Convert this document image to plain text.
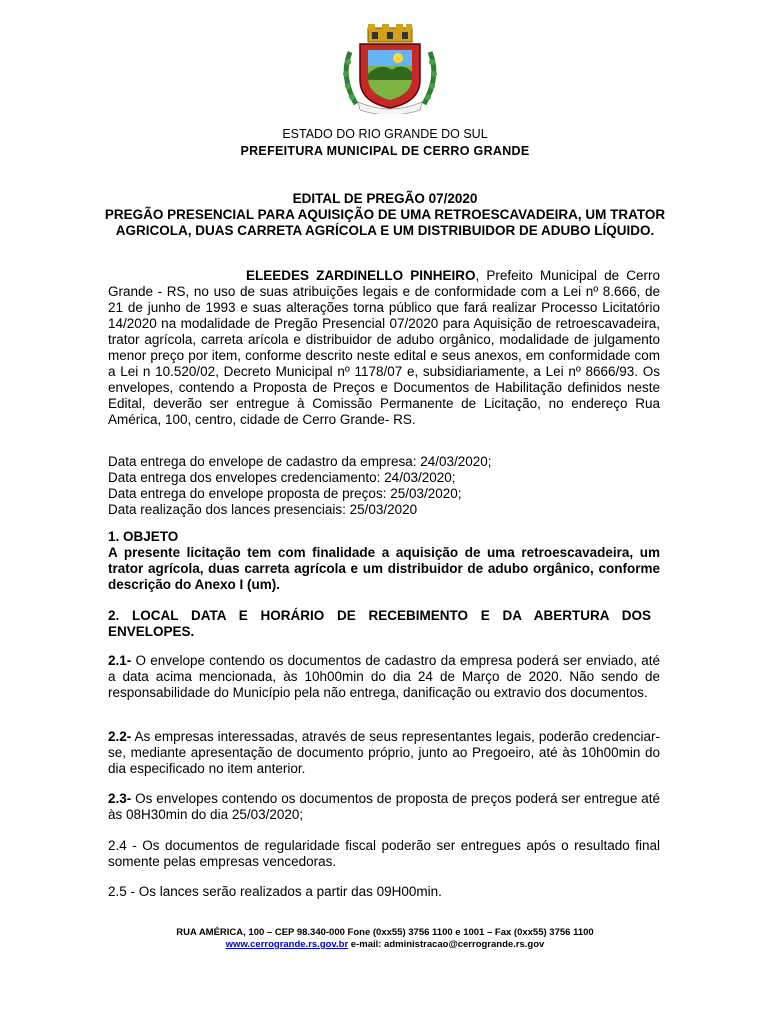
ESTADO DO RIO GRANDE DO SUL
PREFEITURA MUNICIPAL DE CERRO GRANDE
EDITAL DE PREGÃO 07/2020
PREGÃO PRESENCIAL PARA AQUISIÇÃO DE UMA RETROESCAVADEIRA, UM TRATOR AGRICOLA, DUAS CARRETA AGRÍCOLA E UM DISTRIBUIDOR DE ADUBO LÍQUIDO.
ELEEDES ZARDINELLO PINHEIRO, Prefeito Municipal de Cerro Grande - RS, no uso de suas atribuições legais e de conformidade com a Lei nº 8.666, de 21 de junho de 1993 e suas alterações torna público que fará realizar Processo Licitatório 14/2020 na modalidade de Pregão Presencial 07/2020 para Aquisição de retroescavadeira, trator agrícola, carreta arícola e distribuidor de adubo orgânico, modalidade de julgamento menor preço por item, conforme descrito neste edital e seus anexos, em conformidade com a Lei n 10.520/02, Decreto Municipal nº 1178/07 e, subsidiariamente, a Lei nº 8666/93. Os envelopes, contendo a Proposta de Preços e Documentos de Habilitação definidos neste Edital, deverão ser entregue à Comissão Permanente de Licitação, no endereço Rua América, 100, centro, cidade de Cerro Grande- RS.
Data entrega do envelope de cadastro da empresa: 24/03/2020;
Data entrega dos envelopes credenciamento: 24/03/2020;
Data entrega do envelope proposta de preços: 25/03/2020;
Data realização dos lances presenciais: 25/03/2020
1. OBJETO
A presente licitação tem com finalidade a aquisição de uma retroescavadeira, um trator agrícola, duas carreta agrícola e um distribuidor de adubo orgânico, conforme descrição do Anexo I (um).
2. LOCAL DATA E HORÁRIO DE RECEBIMENTO E DA ABERTURA DOS ENVELOPES.
2.1- O envelope contendo os documentos de cadastro da empresa poderá ser enviado, até a data acima mencionada, às 10h00min do dia 24 de Março de 2020. Não sendo de responsabilidade do Município pela não entrega, danificação ou extravio dos documentos.
2.2- As empresas interessadas, através de seus representantes legais, poderão credenciar-se, mediante apresentação de documento próprio, junto ao Pregoeiro, até às 10h00min do dia especificado no item anterior.
2.3- Os envelopes contendo os documentos de proposta de preços poderá ser entregue até às 08H30min do dia 25/03/2020;
2.4 - Os documentos de regularidade fiscal poderão ser entregues após o resultado final somente pelas empresas vencedoras.
2.5 - Os lances serão realizados a partir das 09H00min.
RUA AMÉRICA, 100 – CEP 98.340-000 Fone (0xx55) 3756 1100 e 1001 – Fax (0xx55) 3756 1100
www.cerrogrande.rs.gov.br e-mail: administracao@cerrogrande.rs.gov
